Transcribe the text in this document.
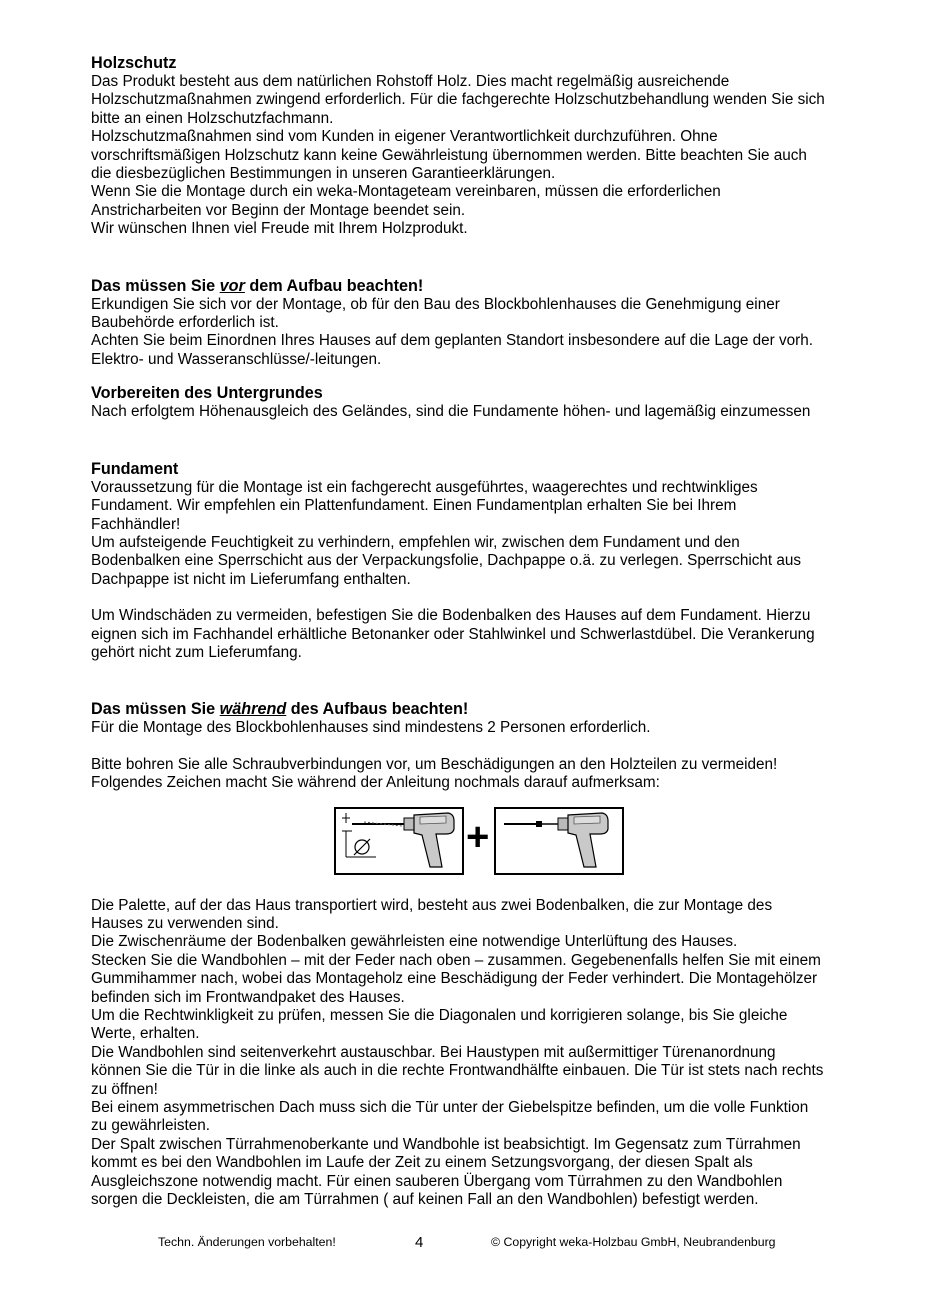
Holzschutz

Das Produkt besteht aus dem natürlichen Rohstoff Holz. Dies macht regelmäßig ausreichende

Holzschutzmaßnahmen zwingend erforderlich. Für die fachgerechte Holzschutzbehandlung wenden Sie sich

bitte an einen Holzschutzfachmann.

Holzschutzmaßnahmen sind vom Kunden in eigener Verantwortlichkeit durchzuführen. Ohne

vorschriftsmäßigen Holzschutz kann keine Gewährleistung übernommen werden. Bitte beachten Sie auch

die diesbezüglichen Bestimmungen in unseren Garantieerklärungen.

Wenn Sie die Montage durch ein weka-Montageteam vereinbaren, müssen die erforderlichen

Anstricharbeiten vor Beginn der Montage beendet sein.

Wir wünschen Ihnen viel Freude mit Ihrem Holzprodukt.

Das müssen Sie vor dem Aufbau beachten!

Erkundigen Sie sich vor der Montage, ob für den Bau des Blockbohlenhauses die Genehmigung einer

Baubehörde erforderlich ist.

Achten Sie beim Einordnen Ihres Hauses auf dem geplanten Standort insbesondere auf die Lage der vorh.

Elektro- und Wasseranschlüsse/-leitungen.

Vorbereiten des Untergrundes

Nach erfolgtem Höhenausgleich des Geländes, sind die Fundamente höhen- und lagemäßig einzumessen

Fundament

Voraussetzung für die Montage ist ein fachgerecht ausgeführtes, waagerechtes und rechtwinkliges

Fundament. Wir empfehlen ein Plattenfundament. Einen Fundamentplan erhalten Sie bei Ihrem

Fachhändler!

Um aufsteigende Feuchtigkeit zu verhindern, empfehlen wir, zwischen dem Fundament und den

Bodenbalken eine Sperrschicht aus der Verpackungsfolie, Dachpappe o.ä. zu verlegen. Sperrschicht aus

Dachpappe ist nicht im Lieferumfang enthalten.

Um Windschäden zu vermeiden, befestigen Sie die Bodenbalken des Hauses auf dem Fundament. Hierzu

eignen sich im Fachhandel erhältliche Betonanker oder Stahlwinkel und Schwerlastdübel. Die Verankerung

gehört nicht zum Lieferumfang.

Das müssen Sie während des Aufbaus beachten!

Für die Montage des Blockbohlenhauses sind mindestens 2 Personen erforderlich.

Bitte bohren Sie alle Schraubverbindungen vor, um Beschädigungen an den Holzteilen zu vermeiden!

Folgendes Zeichen macht Sie während der Anleitung nochmals darauf aufmerksam:

+

Die Palette, auf der das Haus transportiert wird, besteht aus zwei Bodenbalken, die zur Montage des

Hauses zu verwenden sind.

Die Zwischenräume der Bodenbalken gewährleisten eine notwendige Unterlüftung des Hauses.

Stecken Sie die Wandbohlen – mit der Feder nach oben – zusammen. Gegebenenfalls helfen Sie mit einem

Gummihammer nach, wobei das Montageholz eine Beschädigung der Feder verhindert. Die Montagehölzer

befinden sich im Frontwandpaket des Hauses.

Um die Rechtwinkligkeit zu prüfen, messen Sie die Diagonalen und korrigieren solange, bis Sie gleiche

Werte, erhalten.

Die Wandbohlen sind seitenverkehrt austauschbar. Bei Haustypen mit außermittiger Türenanordnung

können Sie die Tür in die linke als auch in die rechte Frontwandhälfte einbauen. Die Tür ist stets nach rechts

zu öffnen!

Bei einem asymmetrischen Dach muss sich die Tür unter der Giebelspitze befinden, um die volle Funktion

zu gewährleisten.

Der Spalt zwischen Türrahmenoberkante und Wandbohle ist beabsichtigt. Im Gegensatz zum Türrahmen

kommt es bei den Wandbohlen im Laufe der Zeit zu einem Setzungsvorgang, der diesen Spalt als

Ausgleichszone notwendig macht. Für einen sauberen Übergang vom Türrahmen zu den Wandbohlen

sorgen die Deckleisten, die am Türrahmen ( auf keinen Fall an den Wandbohlen) befestigt werden.

Techn. Änderungen vorbehalten!	4	© Copyright weka-Holzbau GmbH, Neubrandenburg
